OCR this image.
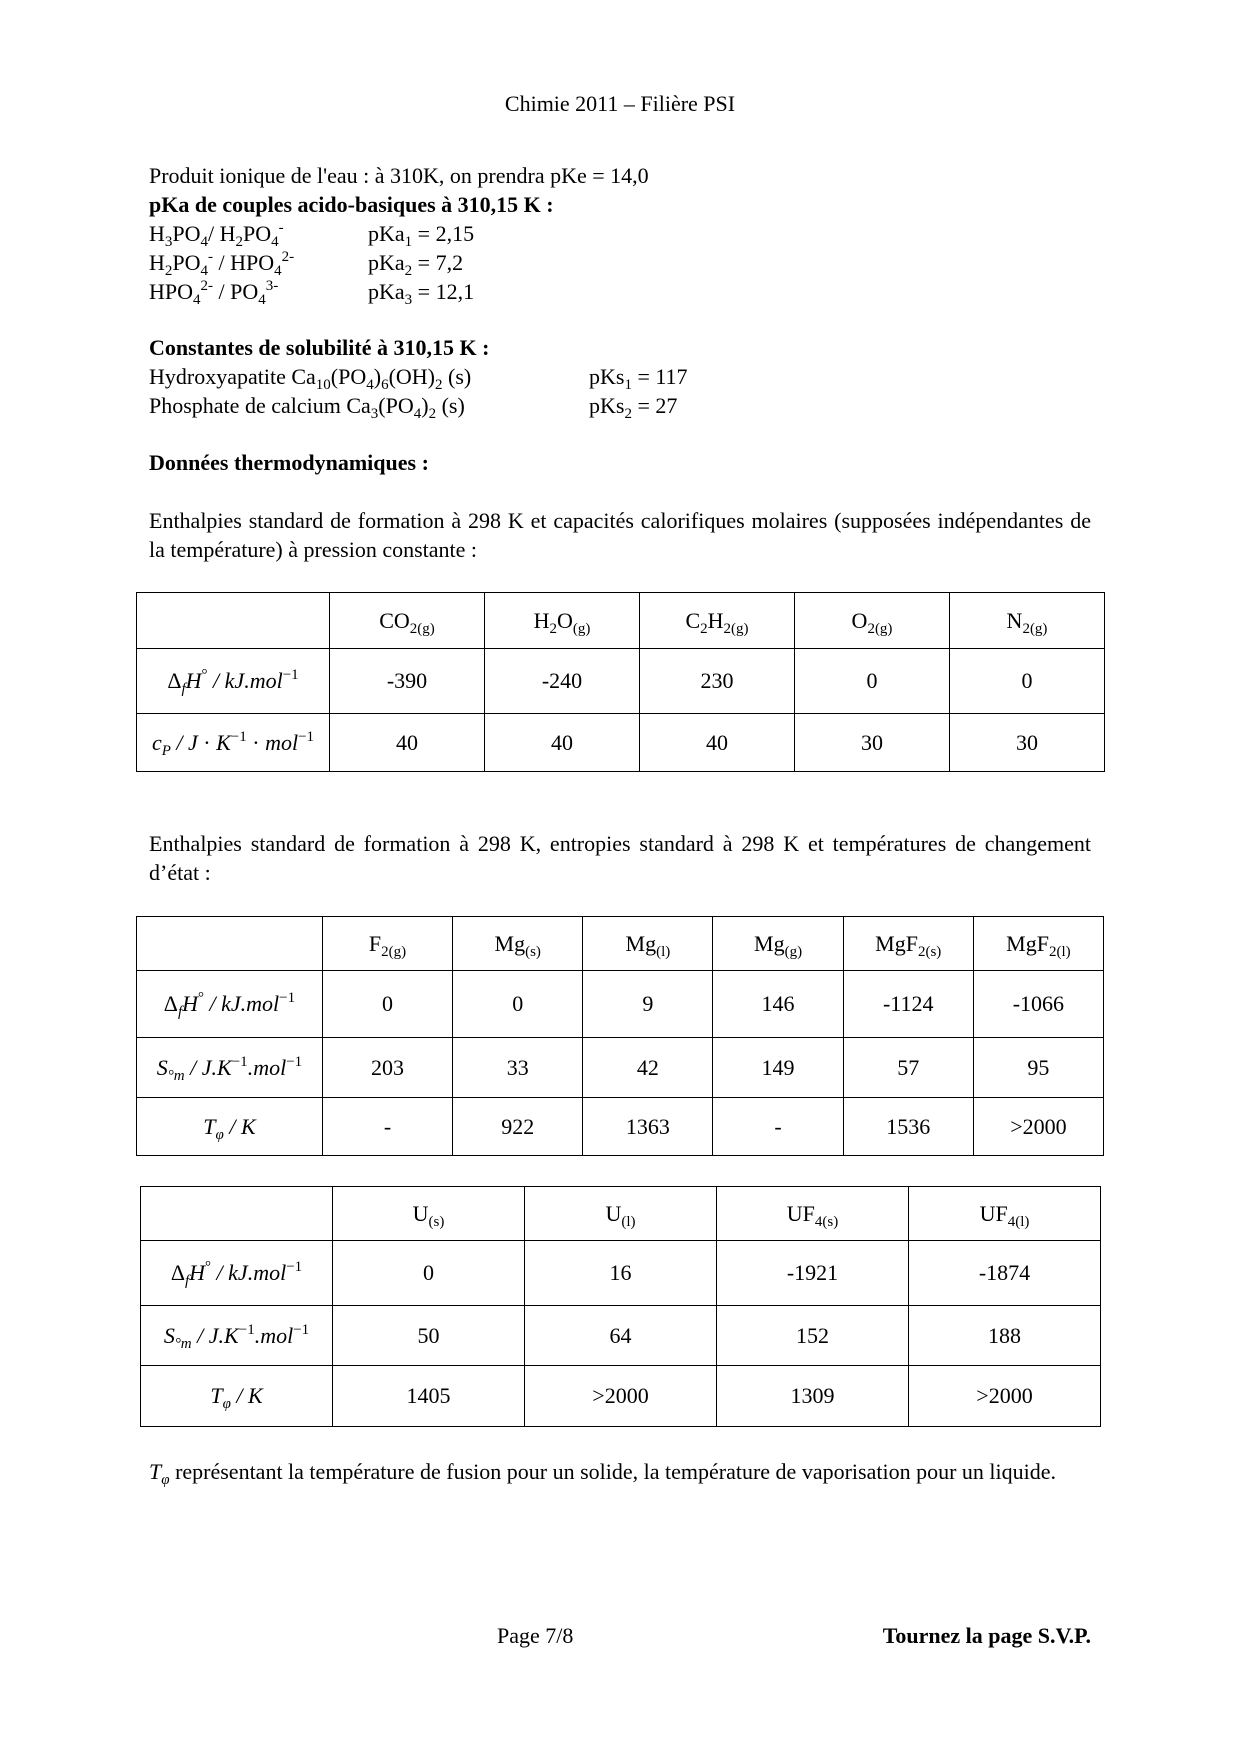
Chimie 2011 – Filière PSI
Produit ionique de l'eau : à 310K, on prendra pKe = 14,0
pKa de couples acido-basiques à 310,15 K :
$H_3PO_4/$ $H_2PO_4^-$	pKa$_1$ = 2,15
$H_2PO_4^- / HPO_4^{2-}$	pKa$_2$ = 7,2
$HPO_4^{2-} / PO_4^{3-}$	pKa$_3$ = 12,1
Constantes de solubilité à 310,15 K :
Hydroxyapatite $Ca_{10}(PO_4)_6(OH)_2$ (s)	pKs$_1$ = 117
Phosphate de calcium $Ca_3(PO_4)_2$ (s)	pKs$_2$ = 27
Données thermodynamiques :
Enthalpies standard de formation à 298 K et capacités calorifiques molaires (supposées indépendantes de la température) à pression constante :
	$CO_{2(g)}$	$H_2O_{(g)}$	$C_2H_{2(g)}$	$O_{2(g)}$	$N_{2(g)}$
$\Delta_fH^\circ / kJ.mol^{-1}$	-390	-240	230	0	0
$c_P / J \cdot K^{-1} \cdot mol^{-1}$	40	40	40	30	30
Enthalpies standard de formation à 298 K, entropies standard à 298 K et températures de changement d’état :
	$F_{2(g)}$	$Mg_{(s)}$	$Mg_{(l)}$	$Mg_{(g)}$	MgF$_{2(s)}$	MgF$_{2(l)}$
$\Delta_fH^\circ / kJ.mol^{-1}$	0	0	9	146	-1124	-1066
$S_{^\circ m} / J.K^{-1}.mol^{-1}$	203	33	42	149	57	95
$T_\varphi$ / K	-	922	1363	-	1536	>2000
	$U_{(s)}$	$U_{(l)}$	$UF_{4(s)}$	$UF_{4(l)}$
$\Delta_fH^\circ / kJ.mol^{-1}$	0	16	-1921	-1874
$S_{^\circ m} / J.K^{-1}.mol^{-1}$	50	64	152	188
$T_\varphi$ / K	1405	>2000	1309	>2000
$T_\varphi$ représentant la température de fusion pour un solide, la température de vaporisation pour un liquide.
Page 7/8	Tournez la page S.V.P.
